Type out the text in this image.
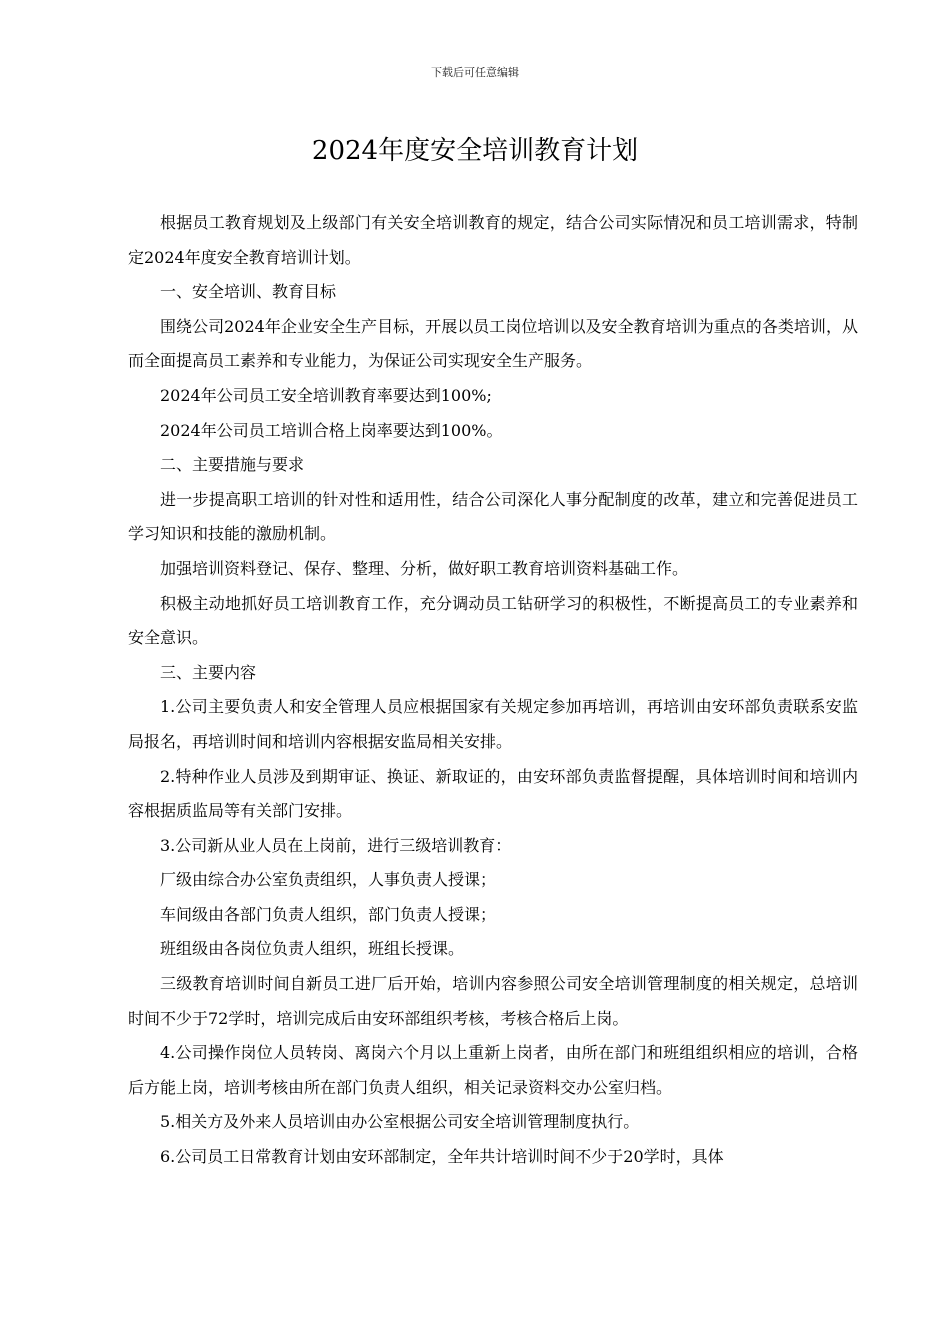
下载后可任意编辑
2024年度安全培训教育计划

根据员工教育规划及上级部门有关安全培训教育的规定，结合公司实际情况和员工培训需求，特制定2024年度安全教育培训计划。

一、安全培训、教育目标

围绕公司2024年企业安全生产目标，开展以员工岗位培训以及安全教育培训为重点的各类培训，从而全面提高员工素养和专业能力，为保证公司实现安全生产服务。

2024年公司员工安全培训教育率要达到100%;

2024年公司员工培训合格上岗率要达到100%。

二、主要措施与要求

进一步提高职工培训的针对性和适用性，结合公司深化人事分配制度的改革，建立和完善促进员工学习知识和技能的激励机制。

加强培训资料登记、保存、整理、分析，做好职工教育培训资料基础工作。

积极主动地抓好员工培训教育工作，充分调动员工钻研学习的积极性，不断提高员工的专业素养和安全意识。

三、主要内容

1.公司主要负责人和安全管理人员应根据国家有关规定参加再培训，再培训由安环部负责联系安监局报名，再培训时间和培训内容根据安监局相关安排。

2.特种作业人员涉及到期审证、换证、新取证的，由安环部负责监督提醒，具体培训时间和培训内容根据质监局等有关部门安排。

3.公司新从业人员在上岗前，进行三级培训教育：

厂级由综合办公室负责组织，人事负责人授课；

车间级由各部门负责人组织，部门负责人授课；

班组级由各岗位负责人组织，班组长授课。

三级教育培训时间自新员工进厂后开始，培训内容参照公司安全培训管理制度的相关规定，总培训时间不少于72学时，培训完成后由安环部组织考核，考核合格后上岗。

4.公司操作岗位人员转岗、离岗六个月以上重新上岗者，由所在部门和班组组织相应的培训，合格后方能上岗，培训考核由所在部门负责人组织，相关记录资料交办公室归档。

5.相关方及外来人员培训由办公室根据公司安全培训管理制度执行。

6.公司员工日常教育计划由安环部制定，全年共计培训时间不少于20学时，具体
